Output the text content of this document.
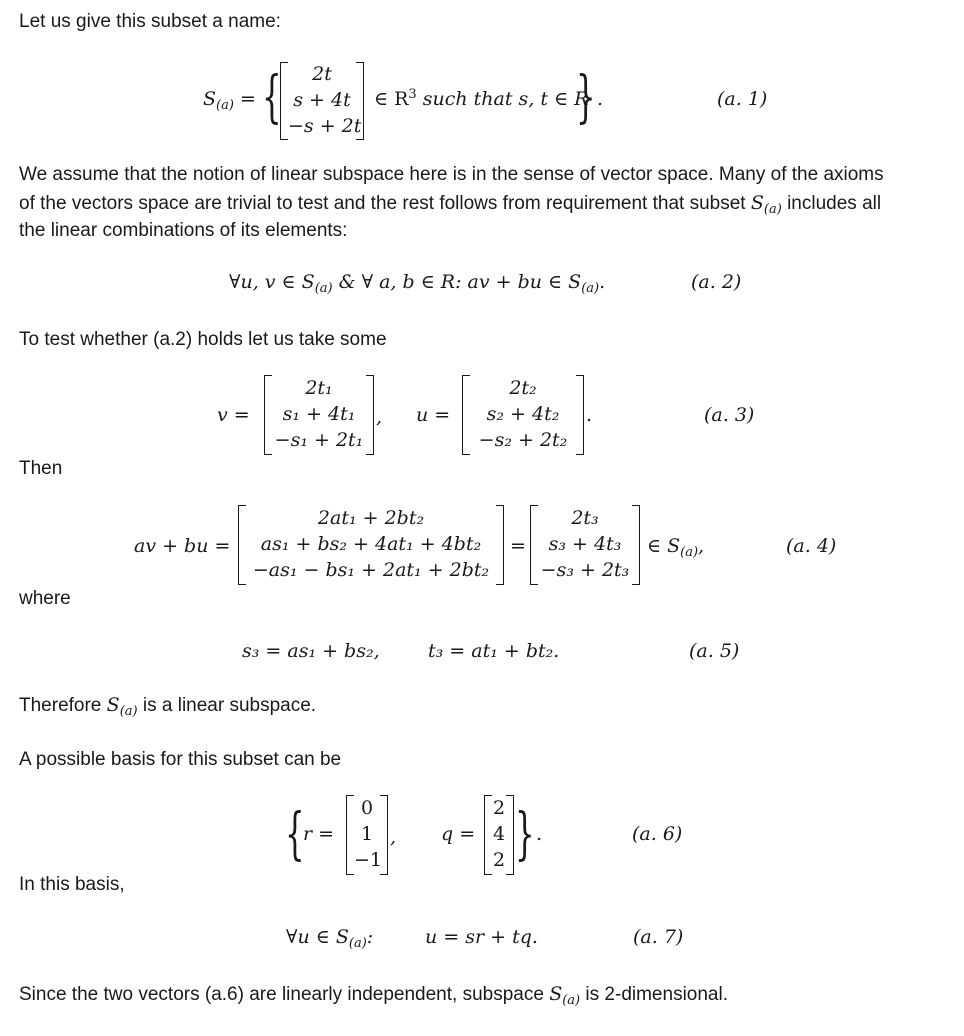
Let us give this subset a name:
$S_{(a)}$ = {	2t
s + 4t
−s + 2t
∈ $R^3$ such that s, t ∈ R
} .	(a. 1)
We assume that the notion of linear subspace here is in the sense of vector space. Many of the axioms
of the vectors space are trivial to test and the rest follows from requirement that subset $S_{(a)}$ includes all
the linear combinations of its elements:
∀u, v ∈ $S_{(a)}$ & ∀ a, b ∈ R: av + bu ∈ $S_{(a)}$.	(a. 2)
To test whether (a.2) holds let us take some
v =
2t₁
s₁ + 4t₁
−s₁ + 2t₁
, u =
2t₂
s₂ + 4t₂
−s₂ + 2t₂
.	(a. 3)
Then
av + bu =
2at₁ + 2bt₂
as₁ + bs₂ + 4at₁ + 4bt₂
−as₁ − bs₁ + 2at₁ + 2bt₂
=
2t₃
s₃ + 4t₃
−s₃ + 2t₃
∈ $S_{(a)}$,	(a. 4)
where
s₃ = as₁ + bs₂,	t₃ = at₁ + bt₂.	(a. 5)
Therefore $S_{(a)}$ is a linear subspace.
A possible basis for this subset can be
{
r =
0
1
−1
, q =
2
4
2 } .	(a. 6)
In this basis,
∀u ∈ $S_{(a)}$:	u = sr + tq.	(a. 7)
Since the two vectors (a.6) are linearly independent, subspace $S_{(a)}$ is 2-dimensional.
